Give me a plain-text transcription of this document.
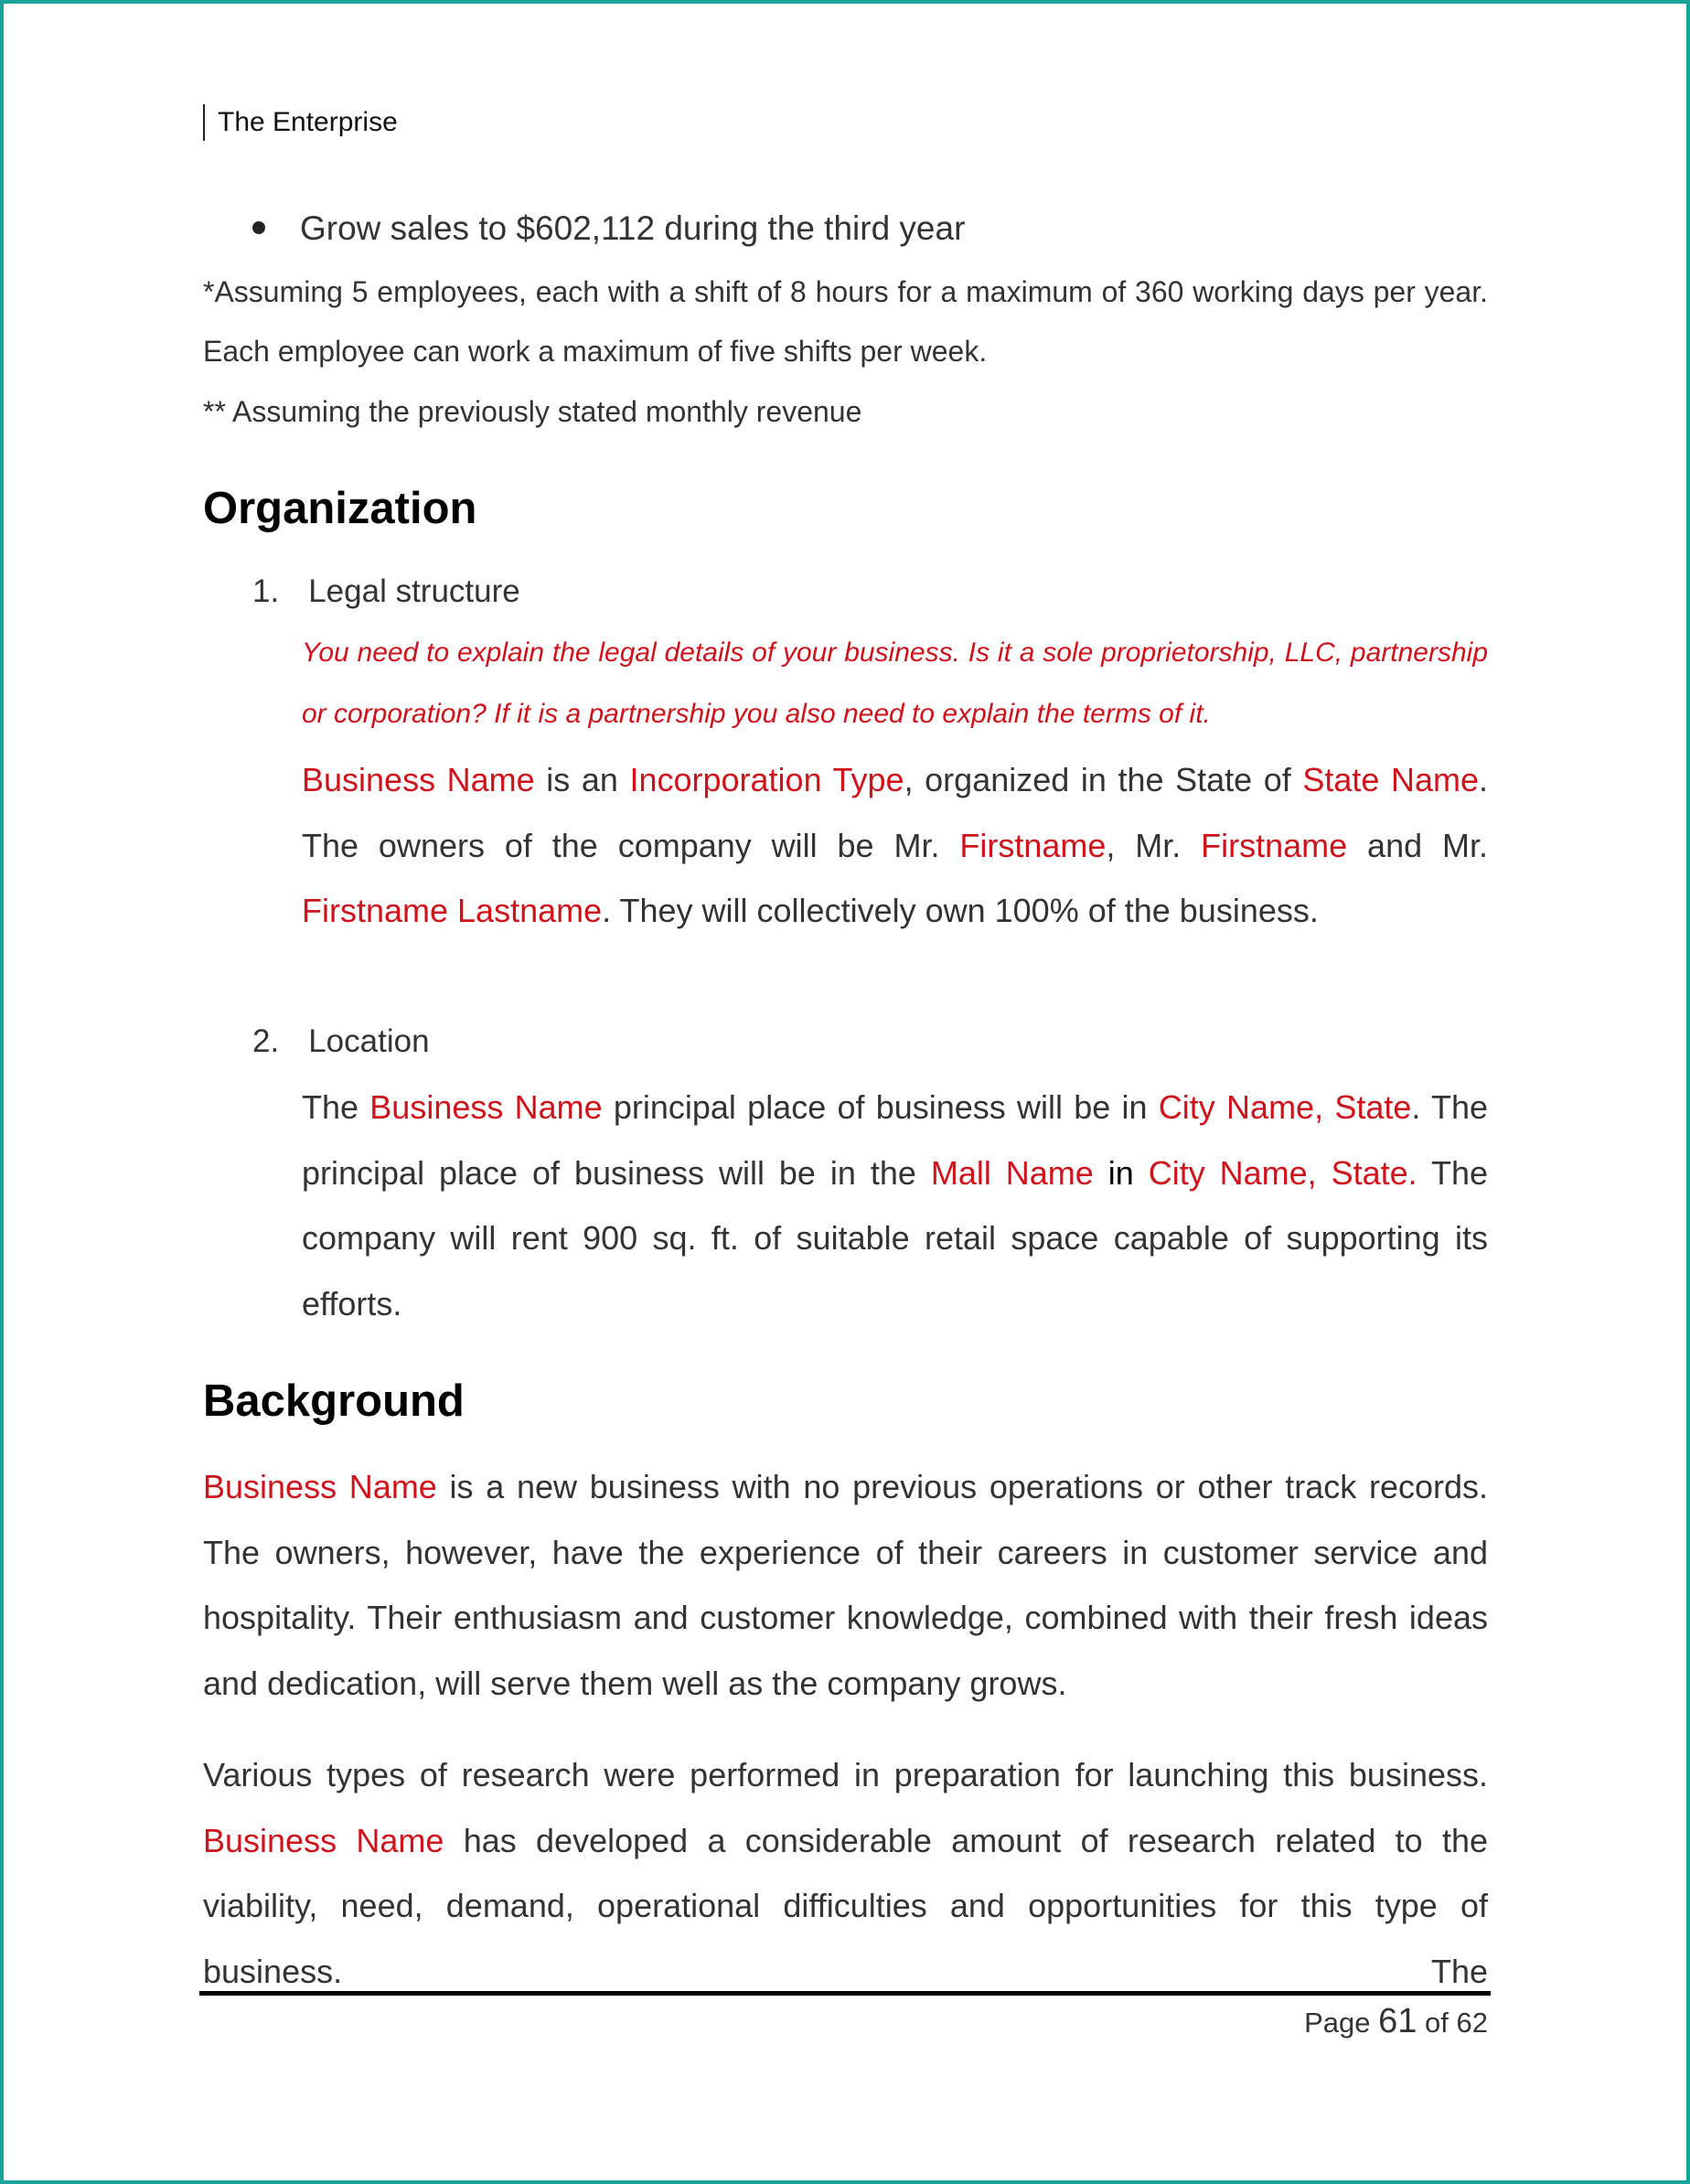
The Enterprise
Grow sales to $602,112 during the third year
*Assuming 5 employees, each with a shift of 8 hours for a maximum of 360 working days per year. Each employee can work a maximum of five shifts per week.
** Assuming the previously stated monthly revenue
Organization
1. Legal structure
You need to explain the legal details of your business. Is it a sole proprietorship, LLC, partnership or corporation? If it is a partnership you also need to explain the terms of it.
Business Name is an Incorporation Type, organized in the State of State Name. The owners of the company will be Mr. Firstname, Mr. Firstname and Mr. Firstname Lastname. They will collectively own 100% of the business.
2. Location
The Business Name principal place of business will be in City Name, State. The principal place of business will be in the Mall Name in City Name, State. The company will rent 900 sq. ft. of suitable retail space capable of supporting its efforts.
Background
Business Name is a new business with no previous operations or other track records. The owners, however, have the experience of their careers in customer service and hospitality. Their enthusiasm and customer knowledge, combined with their fresh ideas and dedication, will serve them well as the company grows.
Various types of research were performed in preparation for launching this business. Business Name has developed a considerable amount of research related to the viability, need, demand, operational difficulties and opportunities for this type of business. The
Page 61 of 62
